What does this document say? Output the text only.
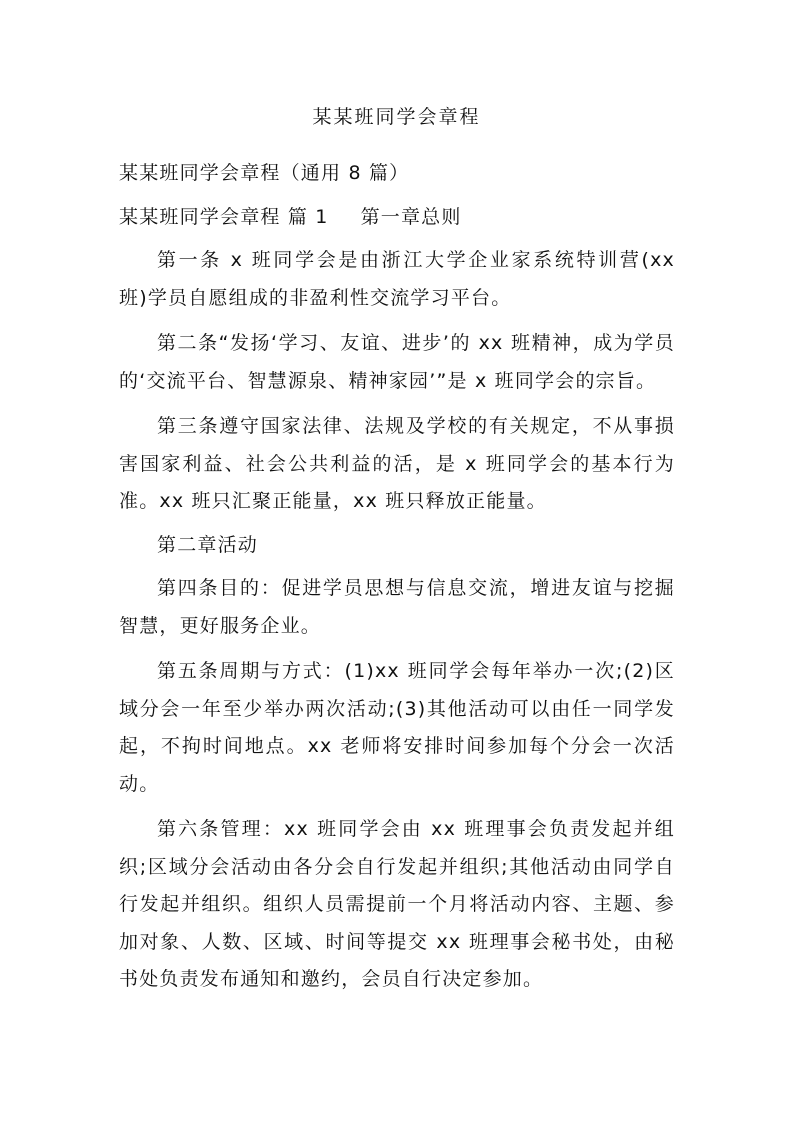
某某班同学会章程

某某班同学会章程（通用 8 篇）

某某班同学会章程 篇 1 第一章总则

第一条 x 班同学会是由浙江大学企业家系统特训营(xx 班)学员自愿组成的非盈利性交流学习平台。

第二条“发扬‘学习、友谊、进步’的 xx 班精神，成为学员的‘交流平台、智慧源泉、精神家园’”是 x 班同学会的宗旨。

第三条遵守国家法律、法规及学校的有关规定，不从事损害国家利益、社会公共利益的活，是 x 班同学会的基本行为准。xx 班只汇聚正能量，xx 班只释放正能量。

第二章活动

第四条目的：促进学员思想与信息交流，增进友谊与挖掘智慧，更好服务企业。

第五条周期与方式：(1)xx 班同学会每年举办一次;(2)区域分会一年至少举办两次活动;(3)其他活动可以由任一同学发起，不拘时间地点。xx 老师将安排时间参加每个分会一次活动。

第六条管理：xx 班同学会由 xx 班理事会负责发起并组织;区域分会活动由各分会自行发起并组织;其他活动由同学自行发起并组织。组织人员需提前一个月将活动内容、主题、参加对象、人数、区域、时间等提交 xx 班理事会秘书处，由秘书处负责发布通知和邀约，会员自行决定参加。
